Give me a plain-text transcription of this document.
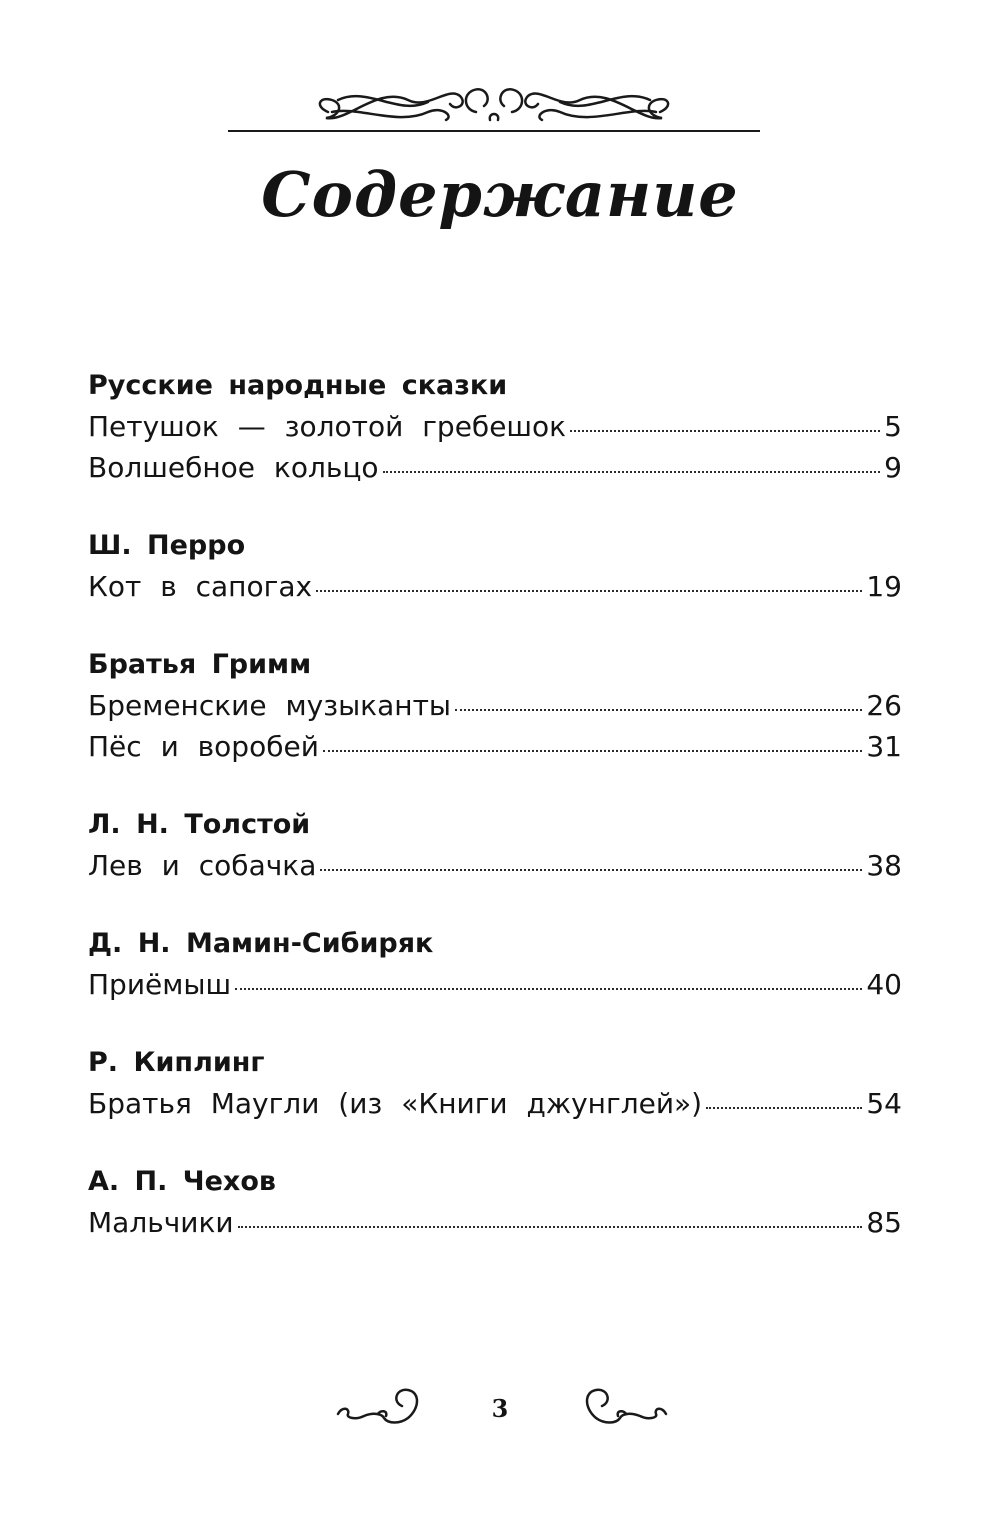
Содержание
Русские народные сказки
Петушок — золотой гребешок	5
Волшебное кольцо	9
Ш. Перро
Кот в сапогах	19
Братья Гримм
Бременские музыканты	26
Пёс и воробей	31
Л. Н. Толстой
Лев и собачка	38
Д. Н. Мамин-Сибиряк
Приёмыш	40
Р. Киплинг
Братья Маугли (из «Книги джунглей»)	54
А. П. Чехов
Мальчики	85
3
